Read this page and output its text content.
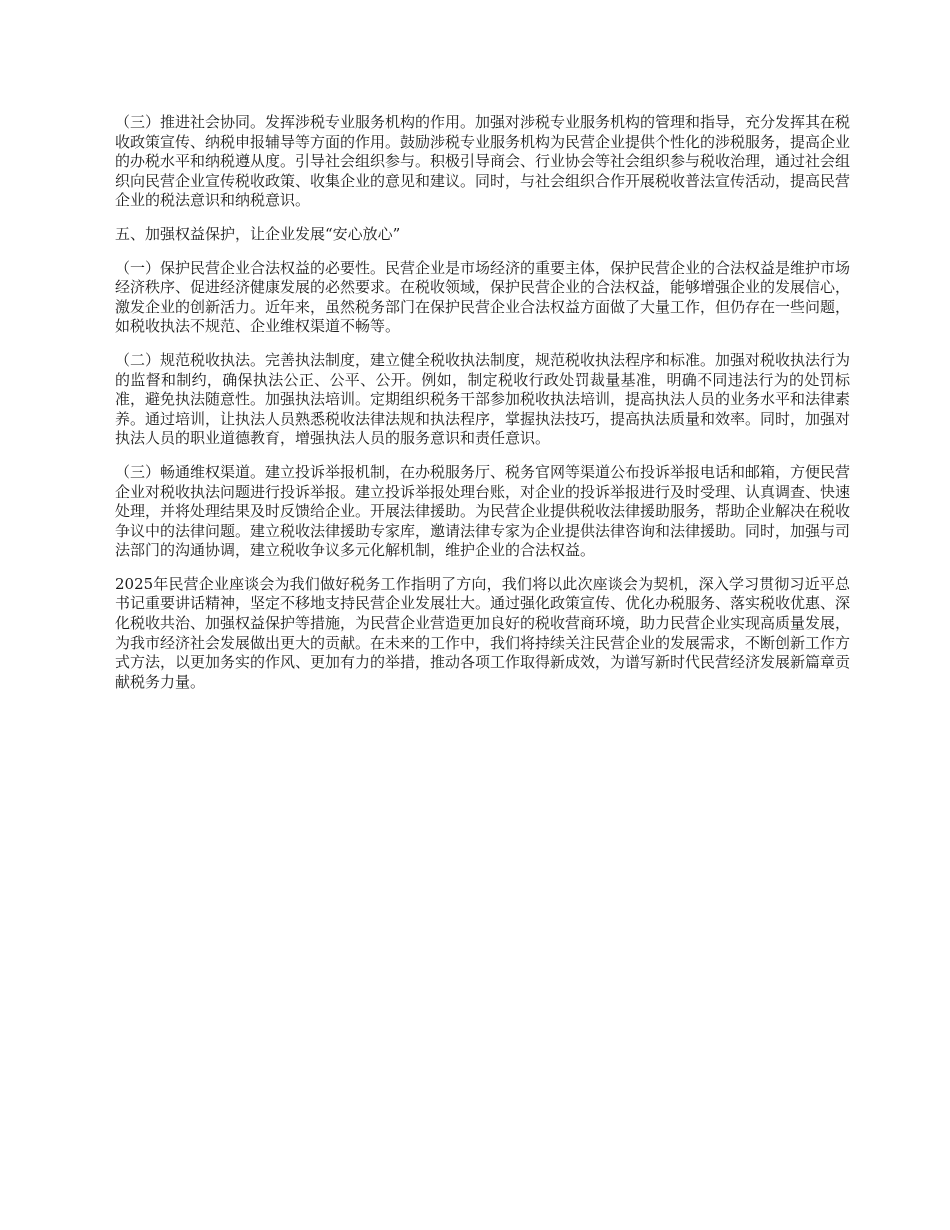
（三）推进社会协同。发挥涉税专业服务机构的作用。加强对涉税专业服务机构的管理和指导，充分发挥其在税收政策宣传、纳税申报辅导等方面的作用。鼓励涉税专业服务机构为民营企业提供个性化的涉税服务，提高企业的办税水平和纳税遵从度。引导社会组织参与。积极引导商会、行业协会等社会组织参与税收治理，通过社会组织向民营企业宣传税收政策、收集企业的意见和建议。同时，与社会组织合作开展税收普法宣传活动，提高民营企业的税法意识和纳税意识。

五、加强权益保护，让企业发展“安心放心”

（一）保护民营企业合法权益的必要性。民营企业是市场经济的重要主体，保护民营企业的合法权益是维护市场经济秩序、促进经济健康发展的必然要求。在税收领域，保护民营企业的合法权益，能够增强企业的发展信心，激发企业的创新活力。近年来，虽然税务部门在保护民营企业合法权益方面做了大量工作，但仍存在一些问题，如税收执法不规范、企业维权渠道不畅等。

（二）规范税收执法。完善执法制度，建立健全税收执法制度，规范税收执法程序和标准。加强对税收执法行为的监督和制约，确保执法公正、公平、公开。例如，制定税收行政处罚裁量基准，明确不同违法行为的处罚标准，避免执法随意性。加强执法培训。定期组织税务干部参加税收执法培训，提高执法人员的业务水平和法律素养。通过培训，让执法人员熟悉税收法律法规和执法程序，掌握执法技巧，提高执法质量和效率。同时，加强对执法人员的职业道德教育，增强执法人员的服务意识和责任意识。

（三）畅通维权渠道。建立投诉举报机制，在办税服务厅、税务官网等渠道公布投诉举报电话和邮箱，方便民营企业对税收执法问题进行投诉举报。建立投诉举报处理台账，对企业的投诉举报进行及时受理、认真调查、快速处理，并将处理结果及时反馈给企业。开展法律援助。为民营企业提供税收法律援助服务，帮助企业解决在税收争议中的法律问题。建立税收法律援助专家库，邀请法律专家为企业提供法律咨询和法律援助。同时，加强与司法部门的沟通协调，建立税收争议多元化解机制，维护企业的合法权益。

2025年民营企业座谈会为我们做好税务工作指明了方向，我们将以此次座谈会为契机，深入学习贯彻习近平总书记重要讲话精神，坚定不移地支持民营企业发展壮大。通过强化政策宣传、优化办税服务、落实税收优惠、深化税收共治、加强权益保护等措施，为民营企业营造更加良好的税收营商环境，助力民营企业实现高质量发展，为我市经济社会发展做出更大的贡献。在未来的工作中，我们将持续关注民营企业的发展需求，不断创新工作方式方法，以更加务实的作风、更加有力的举措，推动各项工作取得新成效，为谱写新时代民营经济发展新篇章贡献税务力量。
